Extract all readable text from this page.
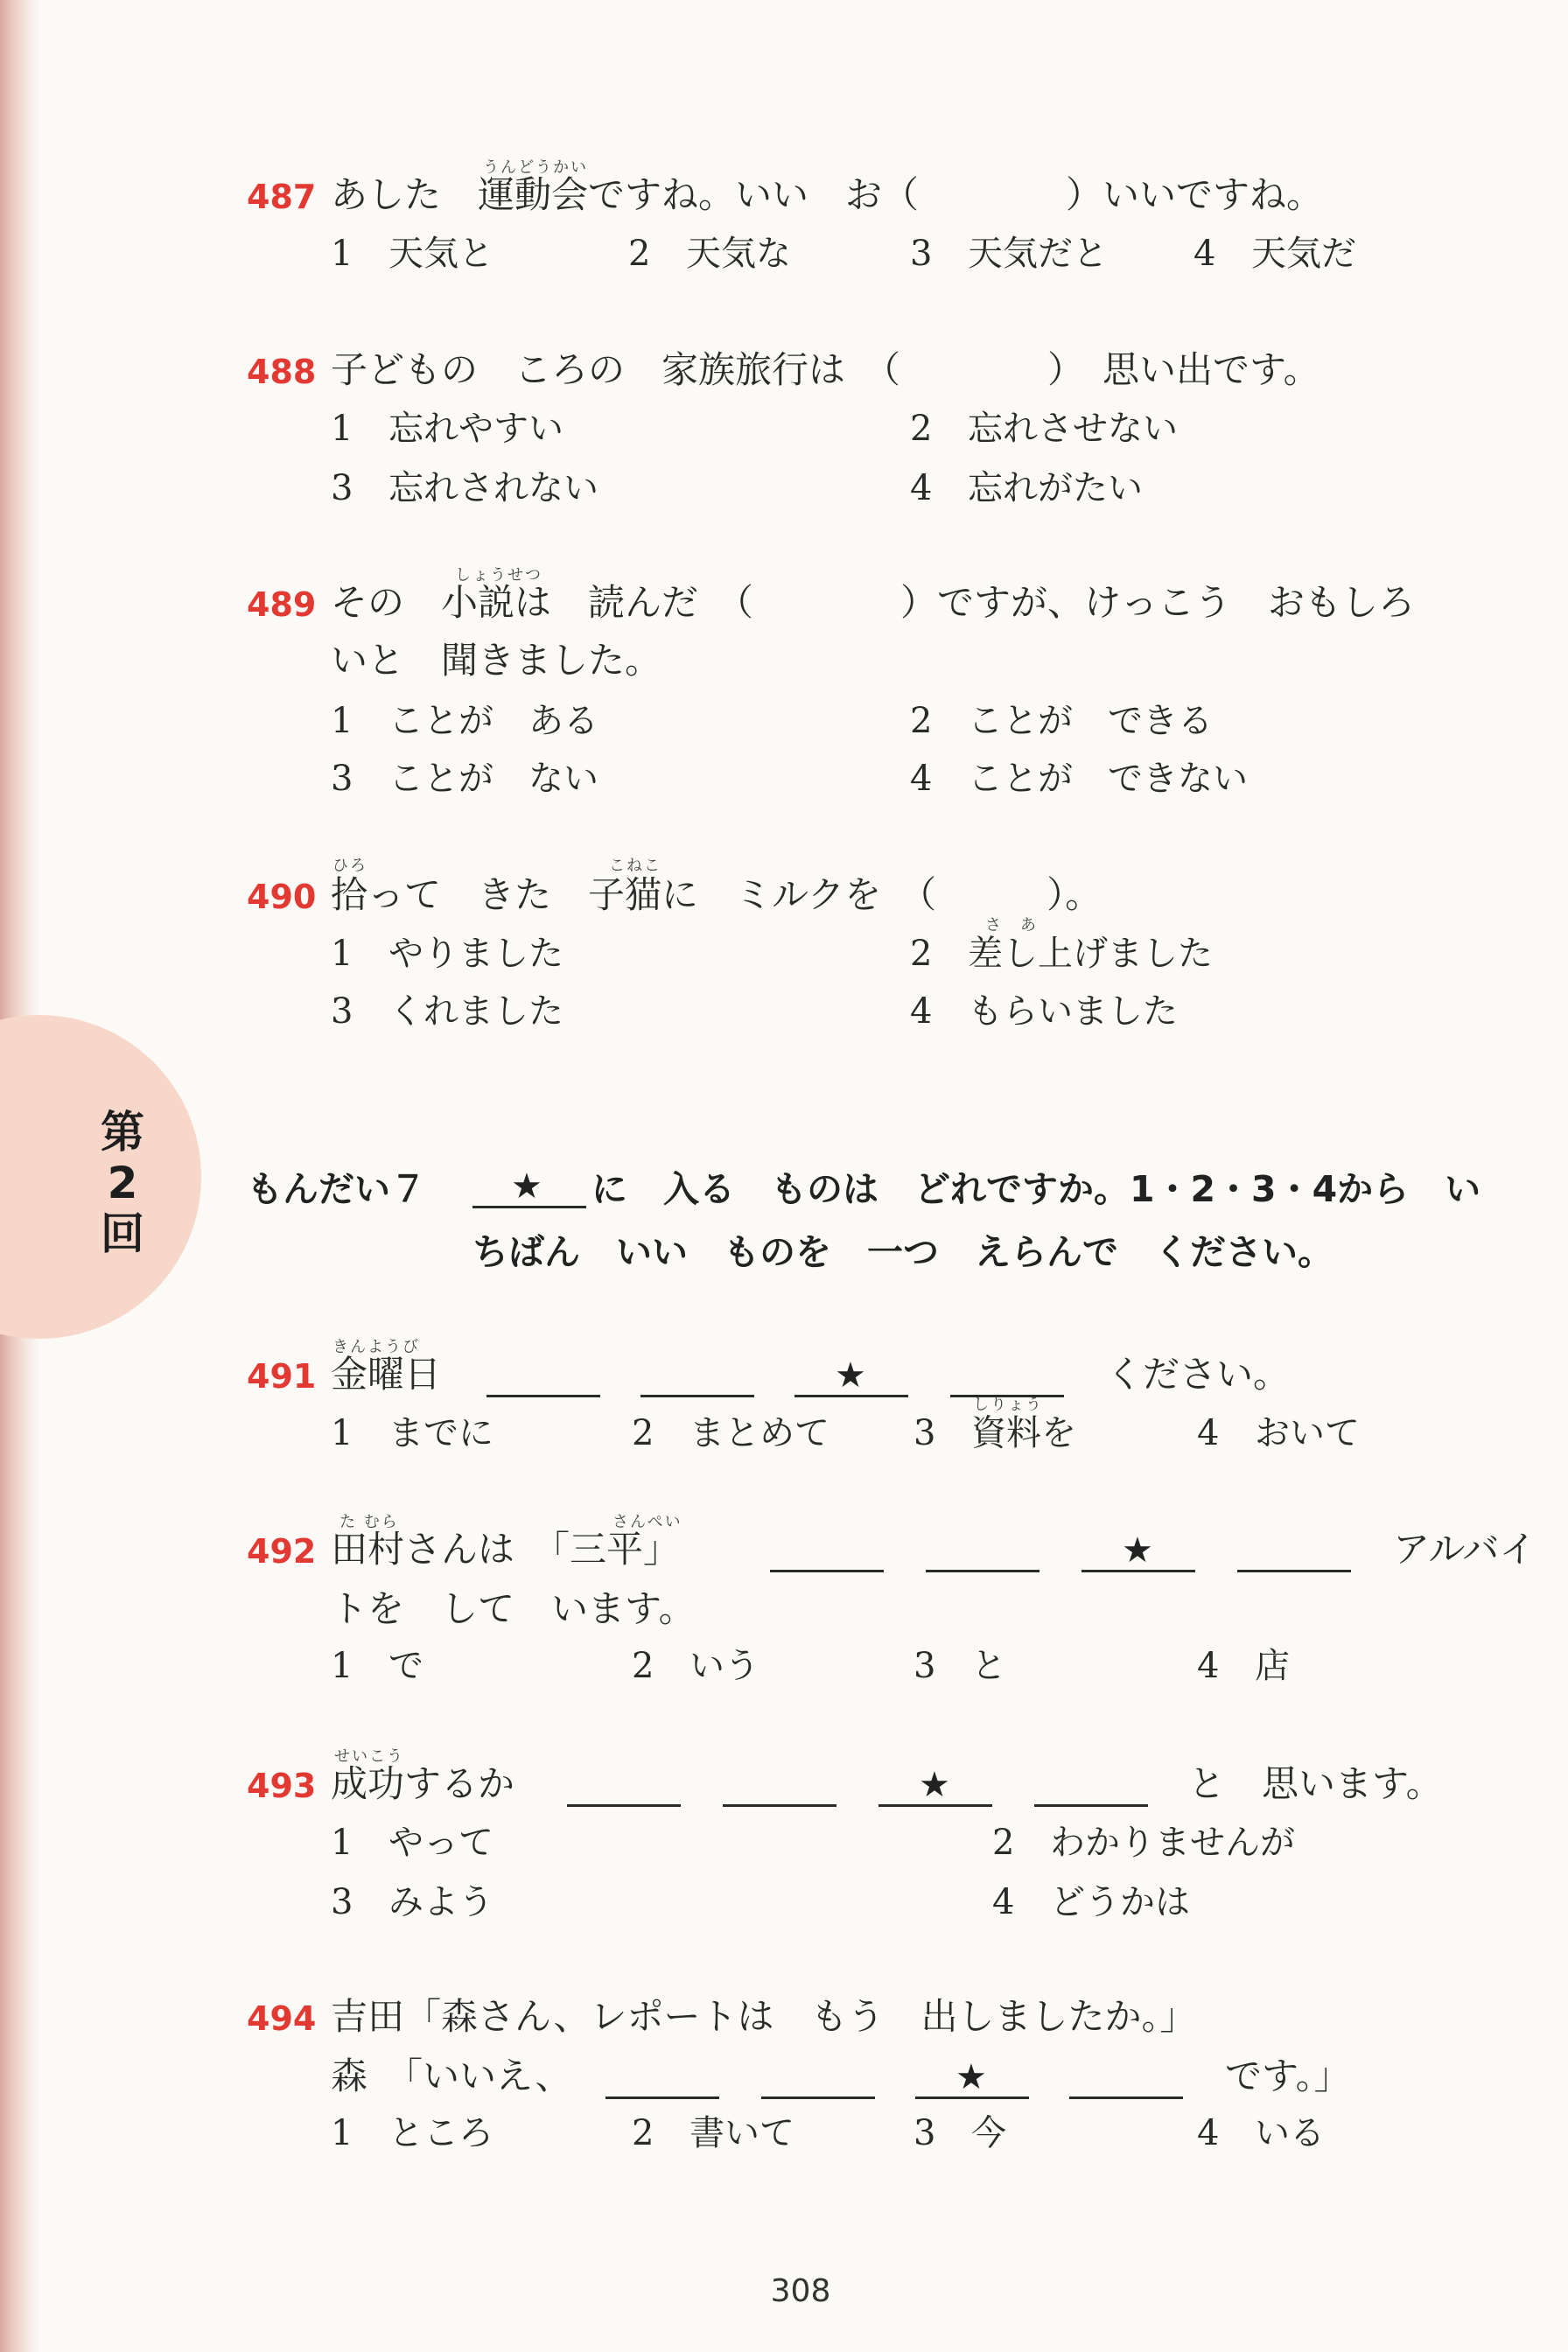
第
2
回
487
うんどうかい
あした　運動会ですね。いい　お（　　　　）いいですね。
1 天気と	2 天気な	3 天気だと 4 天気だ
488 子どもの　ころの　家族旅行は　（　　　　）　思い出です。
1 忘れやすい	2 忘れさせない
3 忘れされない	4 忘れがたい
489
しょうせつ
その　小説は　読んだ　（　　　　）ですが、けっこう　おもしろ
いと　聞きました。
1 ことが　ある	2 ことが　できる
3 ことが　ない	4 ことが　できない
490
ひろ	こねこ
拾って　きた　子猫に　ミルクを　（　　　）。
さ　あ
1 やりました	2 差し上げました
3 くれました	4 もらいました
もんだい７ ★ に　入る　ものは　どれですか。1・2・3・4から　い
ちばん　いい　ものを　一つ　えらんで　ください。
491
きんようび
金曜日	★	ください。
しりょう
1 までに	2 まとめて 3 資料を	4 おいて
492
た むら	さんぺい
田村さんは　「三平」	★	アルバイ
トを　して　います。
1 で	2 いう	3 と	4 店
493
せいこう
成功するか	★	と　思います。
1 やって	2 わかりませんが
3 みよう	4 どうかは
494 吉田「森さん、レポートは　もう　出しましたか。」
森　「いいえ、	★	です。」
1 ところ	2 書いて	3 今	4 いる
308
